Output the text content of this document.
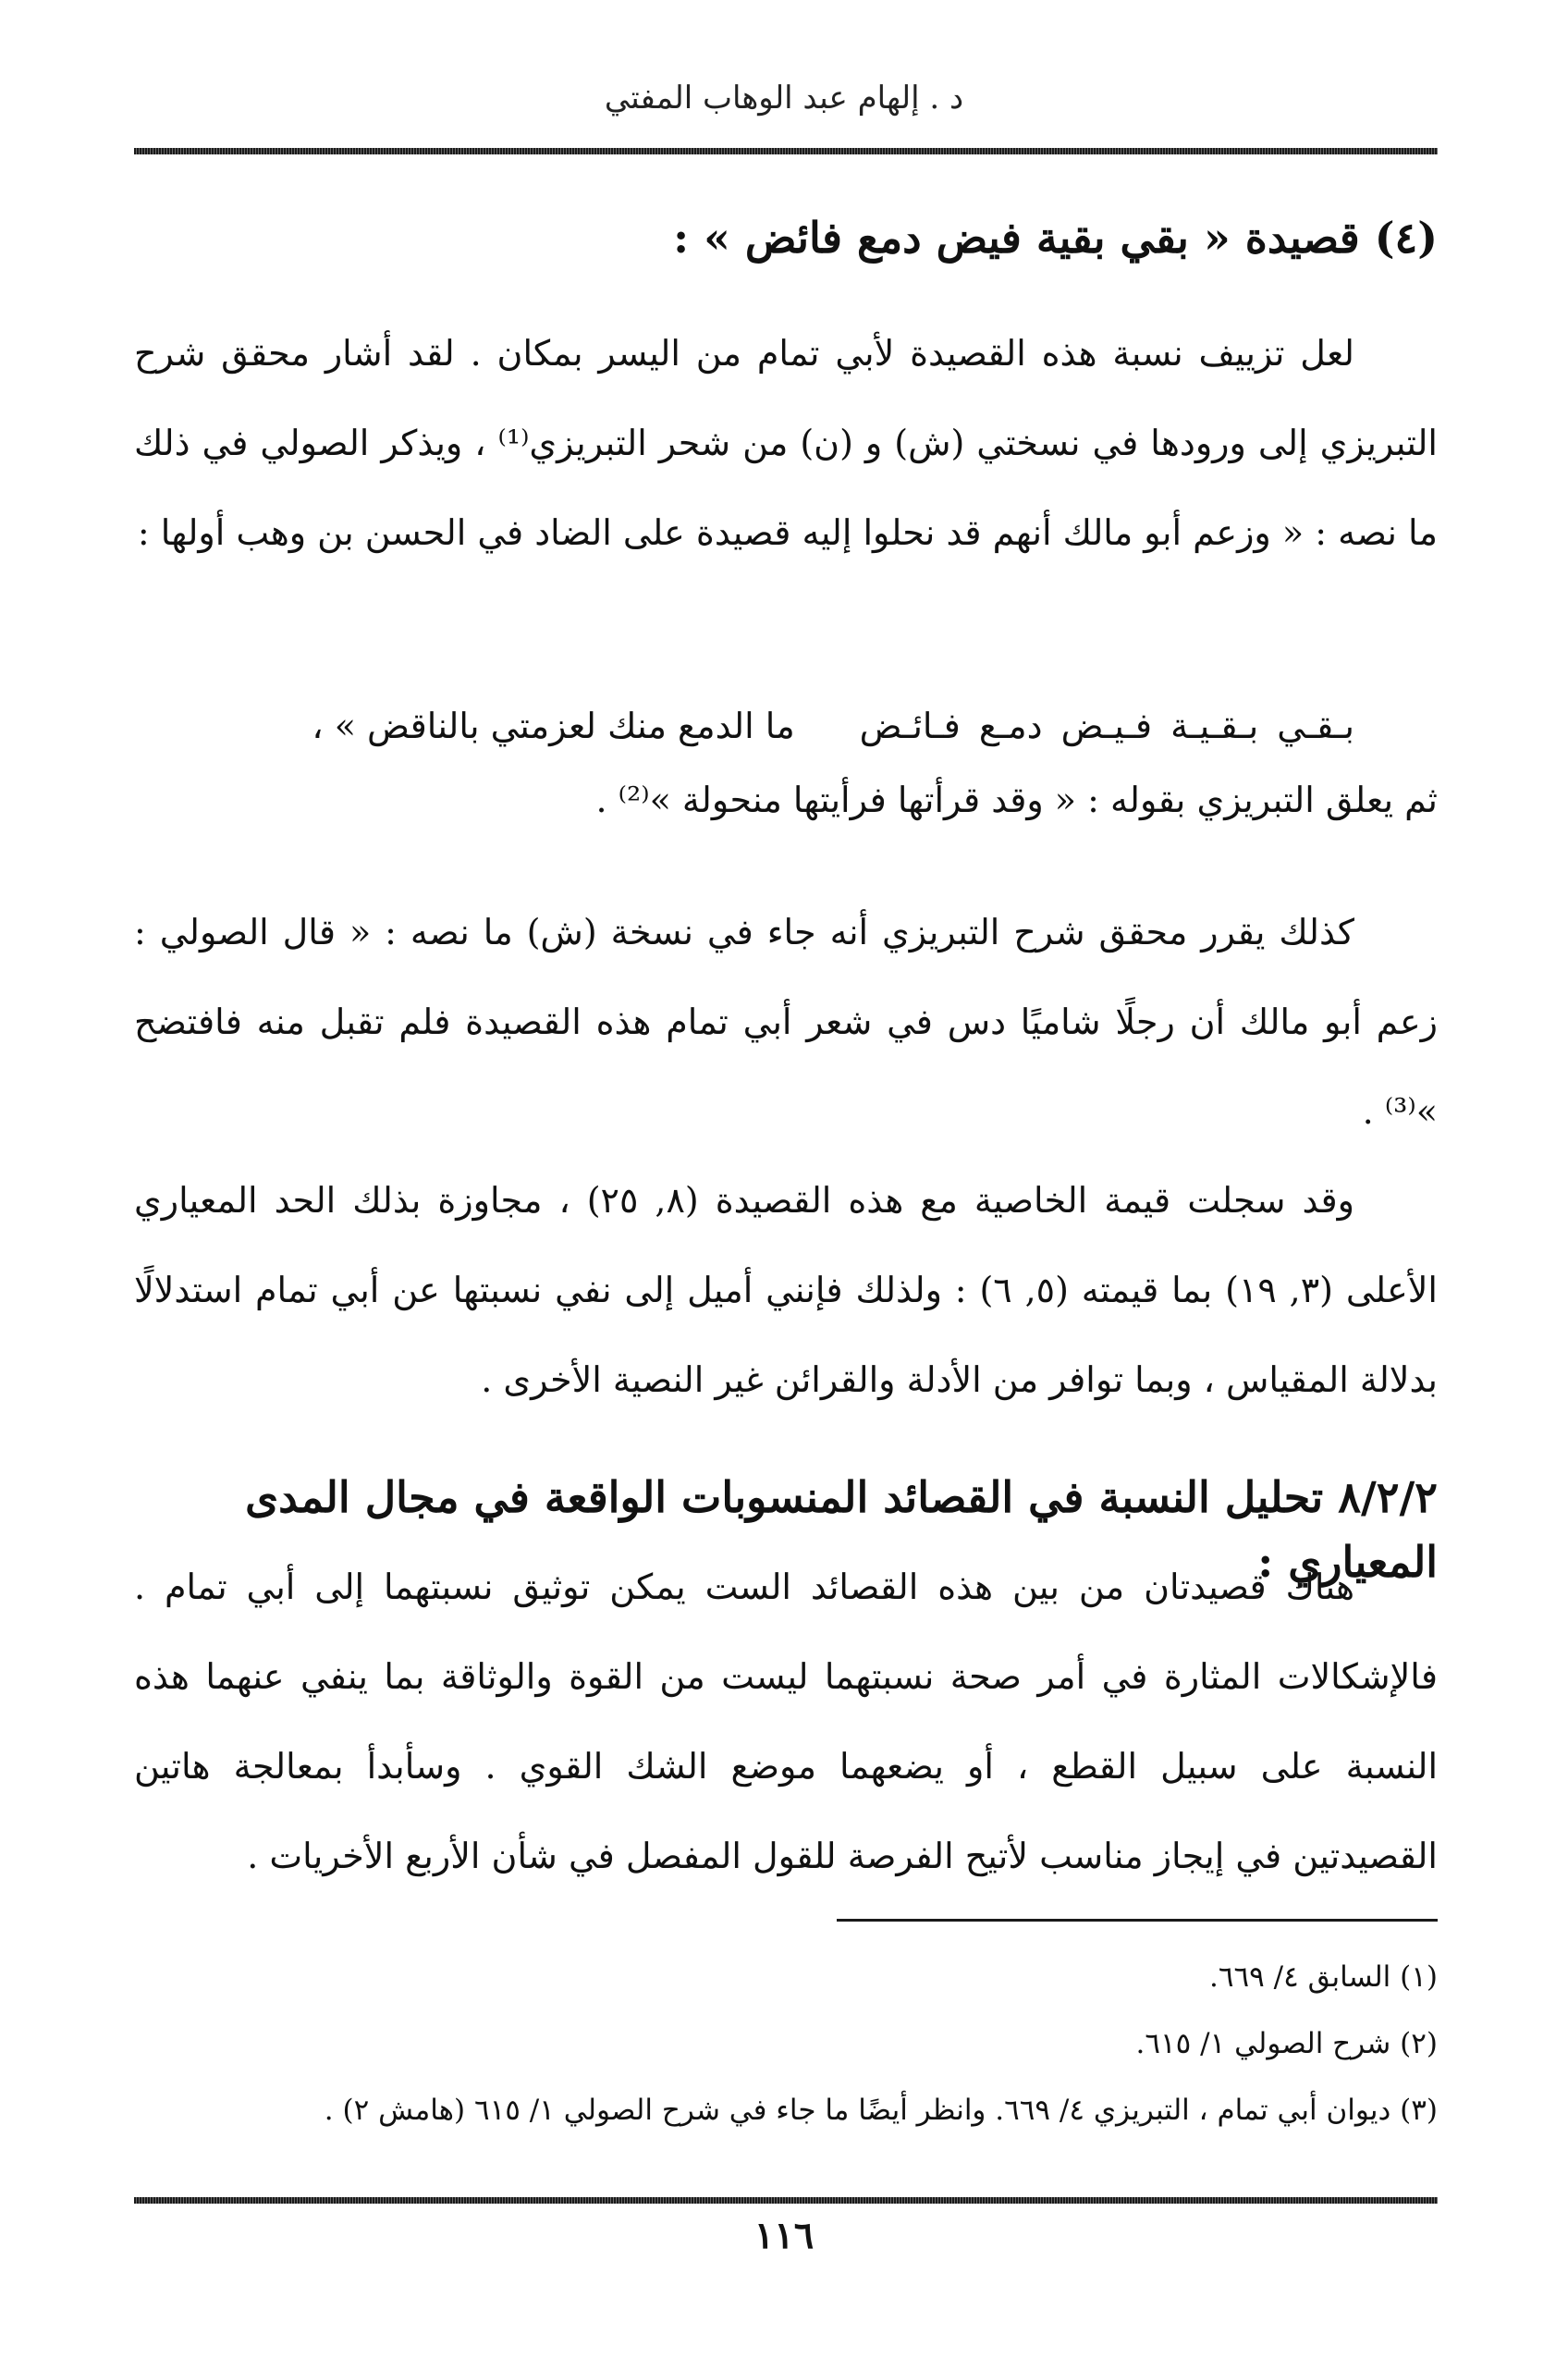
د . إلهام عبد الوهاب المفتي
(٤) قصيدة « بقي بقية فيض دمع فائض » :

لعل تزييف نسبة هذه القصيدة لأبي تمام من اليسر بمكان . لقد أشار محقق شرح التبريزي إلى ورودها في نسختي (ش) و (ن) من شحر التبريزي⁽¹⁾ ، ويذكر الصولي في ذلك ما نصه : « وزعم أبو مالك أنهم قد نحلوا إليه قصيدة على الضاد في الحسن بن وهب أولها :

بـقـي بـقـيـة فـيـض دمـع فـائـض
ما الدمع منك لعزمتي بالناقض » ،
ثم يعلق التبريزي بقوله : « وقد قرأتها فرأيتها منحولة »⁽²⁾ .

كذلك يقرر محقق شرح التبريزي أنه جاء في نسخة (ش) ما نصه : « قال الصولي : زعم أبو مالك أن رجلًا شاميًا دس في شعر أبي تمام هذه القصيدة فلم تقبل منه فافتضح »⁽³⁾ .

وقد سجلت قيمة الخاصية مع هذه القصيدة (٨, ٢٥) ، مجاوزة بذلك الحد المعياري الأعلى (٣, ١٩) بما قيمته (٥, ٦) : ولذلك فإنني أميل إلى نفي نسبتها عن أبي تمام استدلالًا بدلالة المقياس ، وبما توافر من الأدلة والقرائن غير النصية الأخرى .

٨/٢/٢ تحليل النسبة في القصائد المنسوبات الواقعة في مجال المدى المعياري :

هناك قصيدتان من بين هذه القصائد الست يمكن توثيق نسبتهما إلى أبي تمام . فالإشكالات المثارة في أمر صحة نسبتهما ليست من القوة والوثاقة بما ينفي عنهما هذه النسبة على سبيل القطع ، أو يضعهما موضع الشك القوي . وسأبدأ بمعالجة هاتين القصيدتين في إيجاز مناسب لأتيح الفرصة للقول المفصل في شأن الأربع الأخريات .

(١) السابق ٤/ ٦٦٩.

(٢) شرح الصولي ١/ ٦١٥.

(٣) ديوان أبي تمام ، التبريزي ٤/ ٦٦٩. وانظر أيضًا ما جاء في شرح الصولي ١/ ٦١٥ (هامش ٢) .

١١٦
